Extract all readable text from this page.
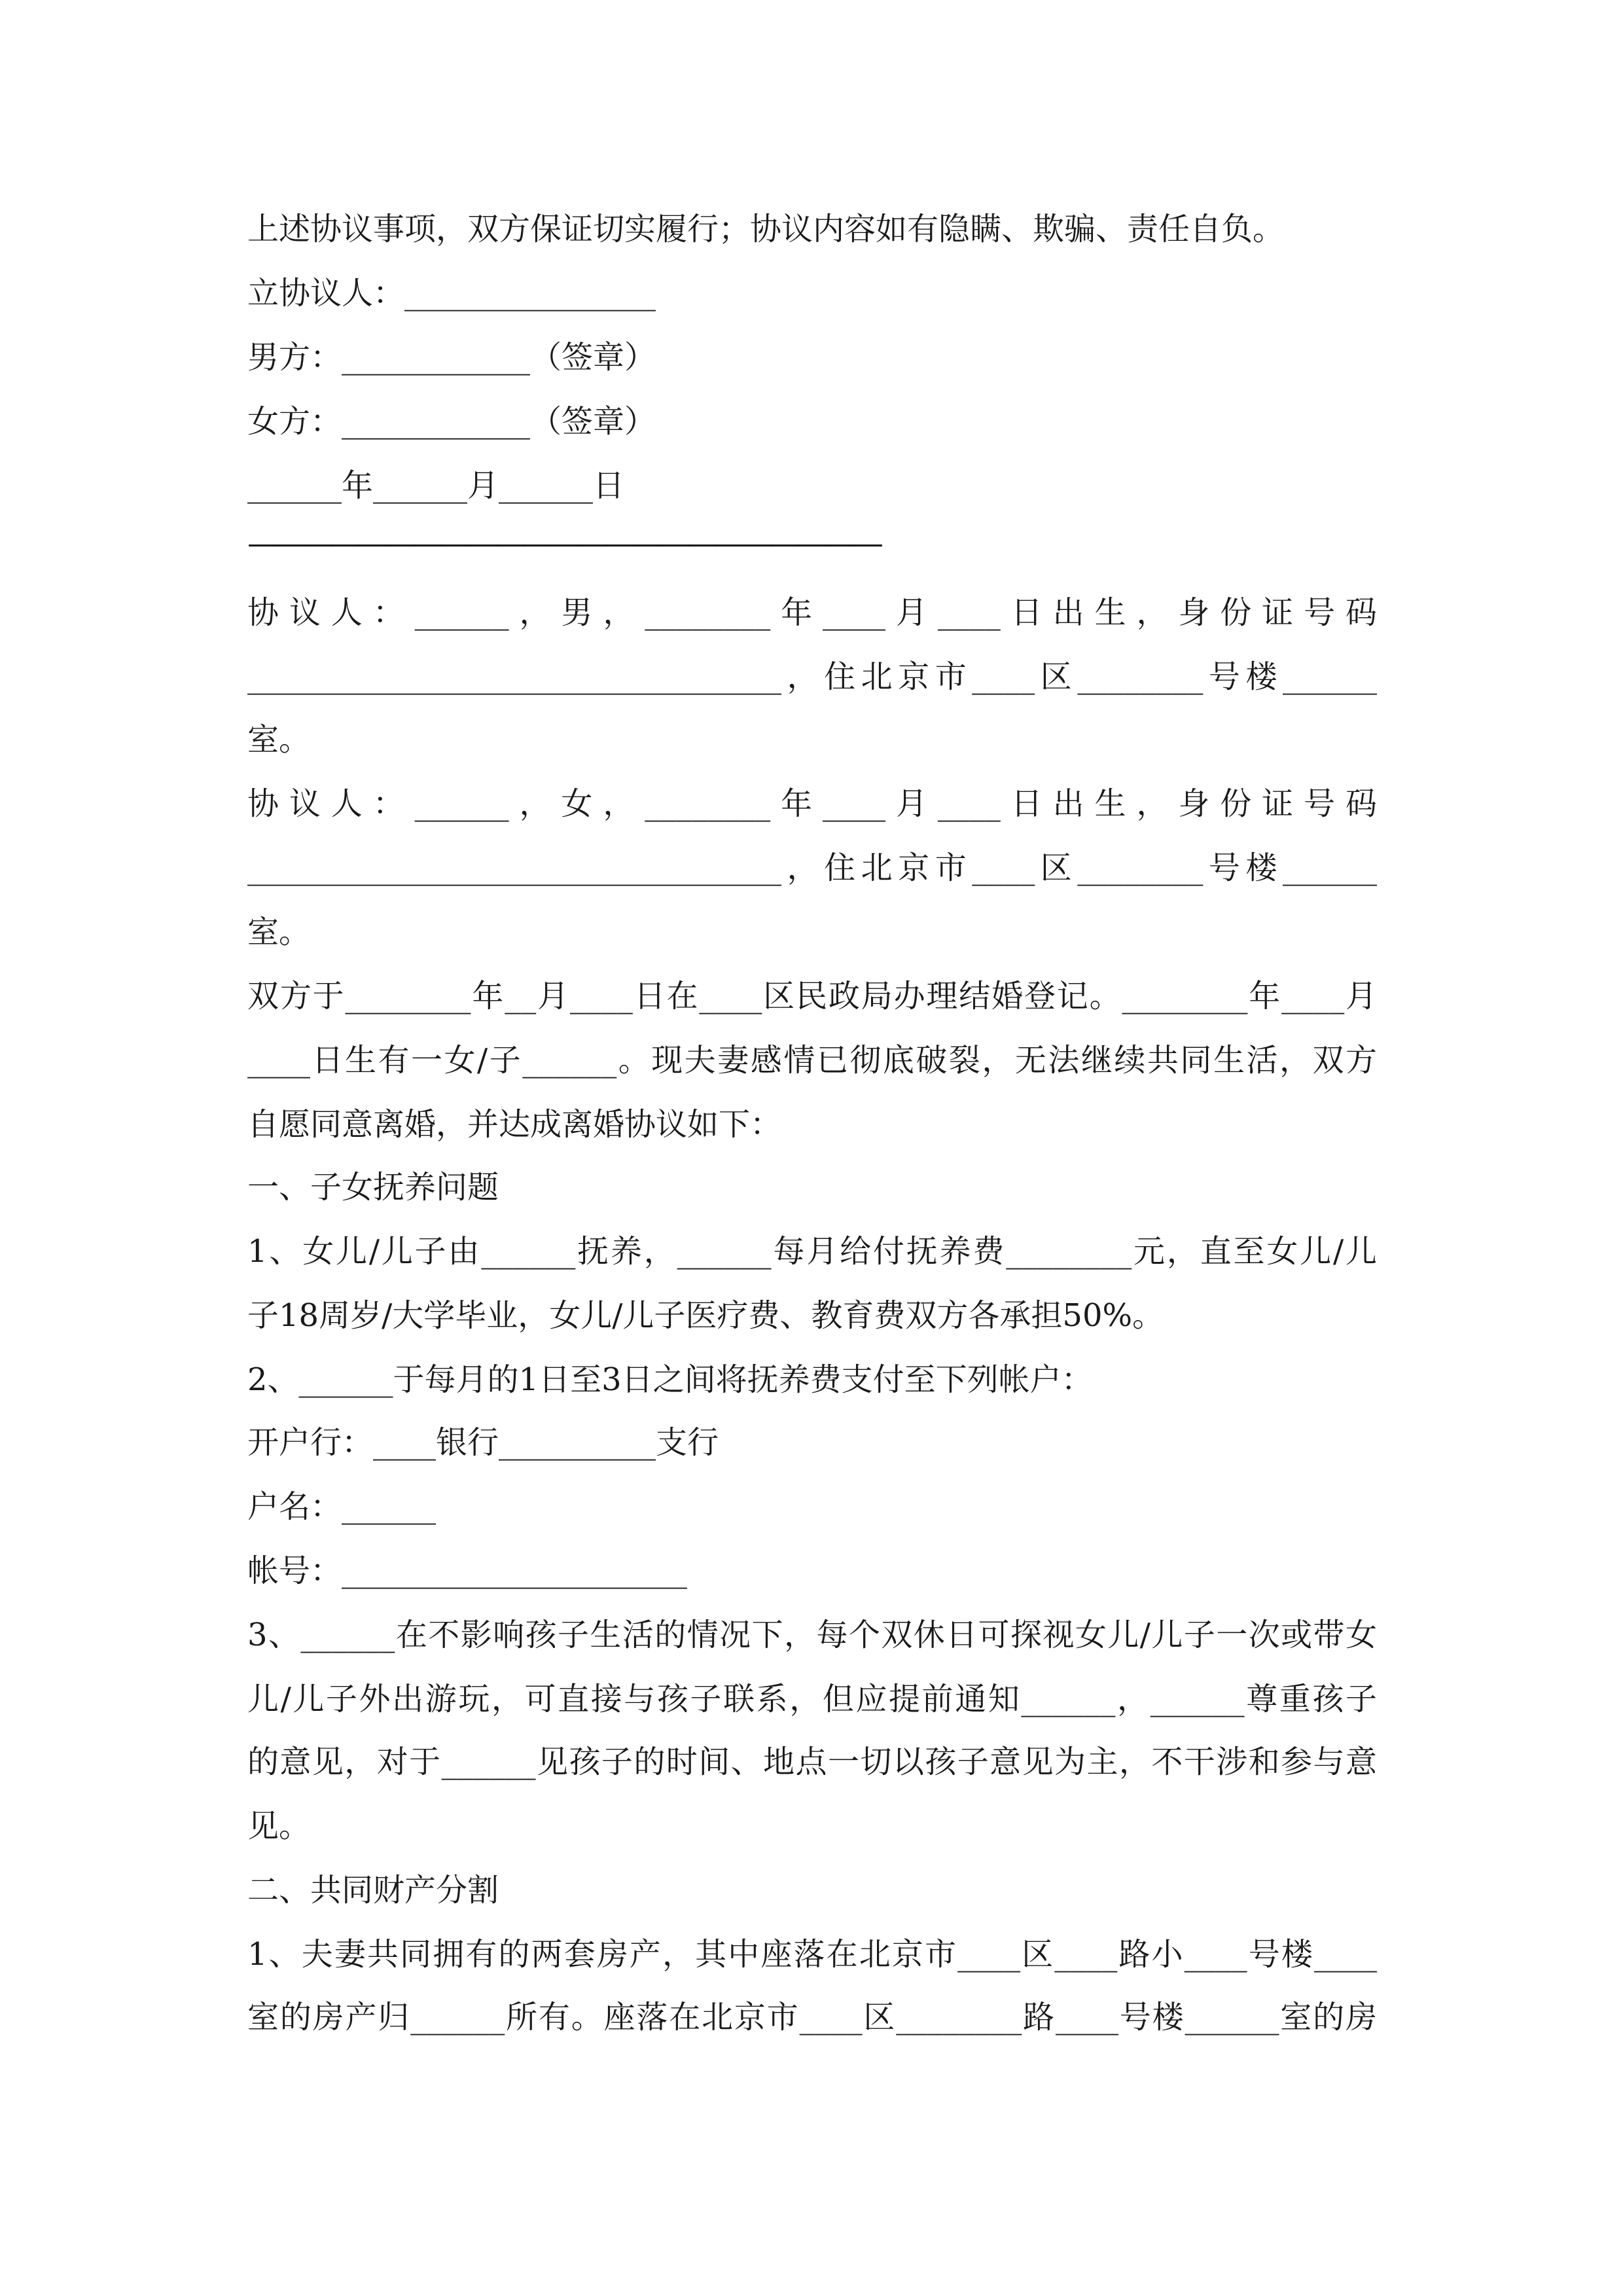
上述协议事项，双方保证切实履行；协议内容如有隐瞒、欺骗、责任自负。
立协议人：________________
男方：____________（签章）
女方：____________（签章）
______年______月______日
———————————————————————
协议人：______，男，________年____月____日出生，身份证号码
__________________________________，住北京市____区________号楼______
室。
协议人：______，女，________年____月____日出生，身份证号码
__________________________________，住北京市____区________号楼______
室。
双方于________年__月____日在____区民政局办理结婚登记。________年____月
____日生有一女/子______。现夫妻感情已彻底破裂，无法继续共同生活，双方
自愿同意离婚，并达成离婚协议如下：
一、子女抚养问题
1、女儿/儿子由______抚养，______每月给付抚养费________元，直至女儿/儿
子18周岁/大学毕业，女儿/儿子医疗费、教育费双方各承担50%。
2、______于每月的1日至3日之间将抚养费支付至下列帐户：
开户行：____银行__________支行
户名：______
帐号：______________________
3、______在不影响孩子生活的情况下，每个双休日可探视女儿/儿子一次或带女
儿/儿子外出游玩，可直接与孩子联系，但应提前通知______，______尊重孩子
的意见，对于______见孩子的时间、地点一切以孩子意见为主，不干涉和参与意
见。
二、共同财产分割
1、夫妻共同拥有的两套房产，其中座落在北京市____区____路小____号楼____
室的房产归______所有。座落在北京市____区________路____号楼______室的房
